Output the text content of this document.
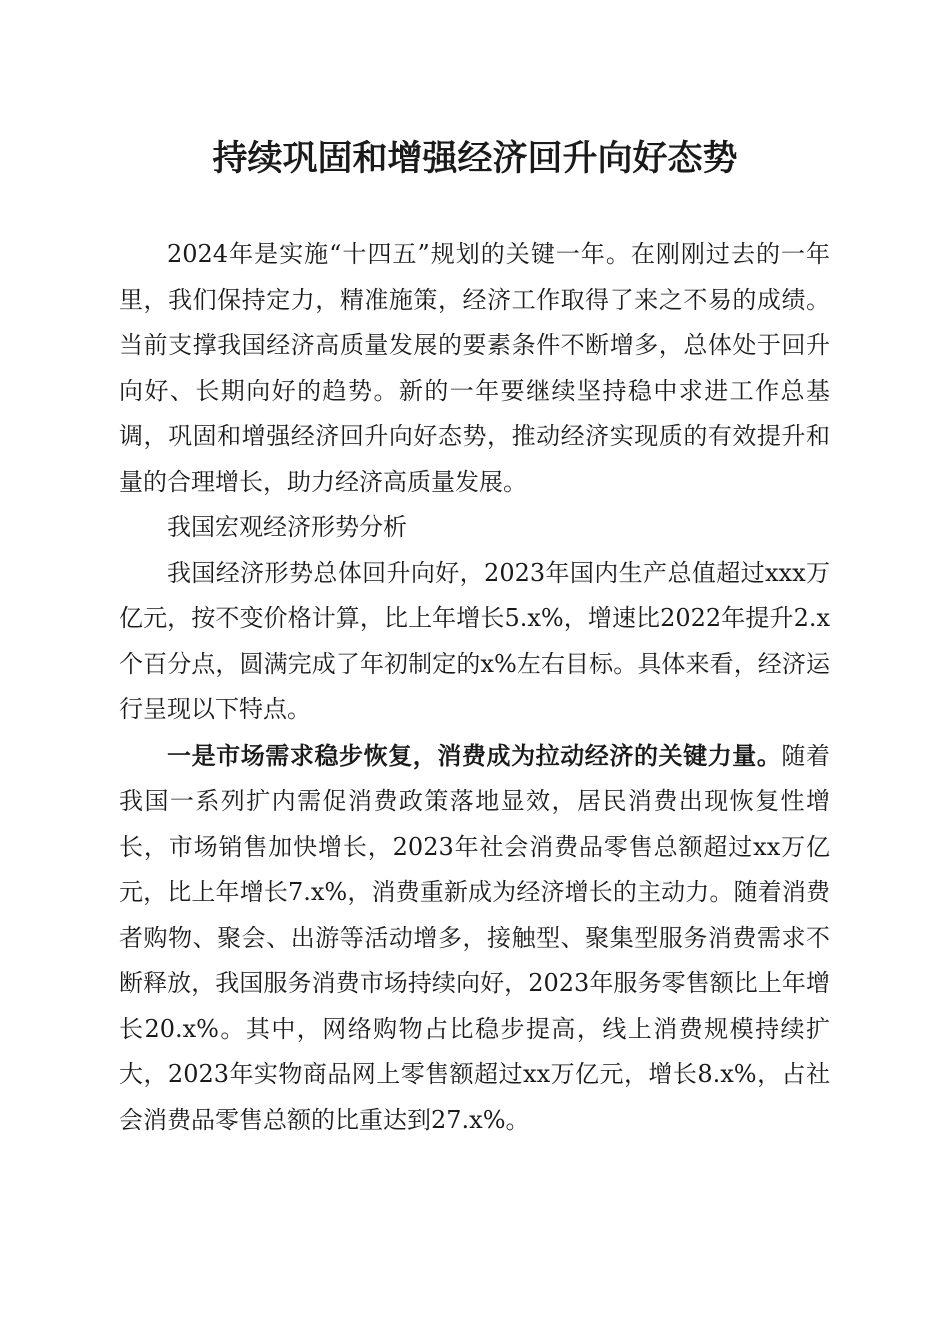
持续巩固和增强经济回升向好态势

2024年是实施“十四五”规划的关键一年。在刚刚过去的一年里，我们保持定力，精准施策，经济工作取得了来之不易的成绩。当前支撑我国经济高质量发展的要素条件不断增多，总体处于回升向好、长期向好的趋势。新的一年要继续坚持稳中求进工作总基调，巩固和增强经济回升向好态势，推动经济实现质的有效提升和量的合理增长，助力经济高质量发展。

我国宏观经济形势分析

我国经济形势总体回升向好，2023年国内生产总值超过xxx万亿元，按不变价格计算，比上年增长5.x%，增速比2022年提升2.x个百分点，圆满完成了年初制定的x%左右目标。具体来看，经济运行呈现以下特点。

一是市场需求稳步恢复，消费成为拉动经济的关键力量。随着我国一系列扩内需促消费政策落地显效，居民消费出现恢复性增长，市场销售加快增长，2023年社会消费品零售总额超过xx万亿元，比上年增长7.x%，消费重新成为经济增长的主动力。随着消费者购物、聚会、出游等活动增多，接触型、聚集型服务消费需求不断释放，我国服务消费市场持续向好，2023年服务零售额比上年增长20.x%。其中，网络购物占比稳步提高，线上消费规模持续扩大，2023年实物商品网上零售额超过xx万亿元，增长8.x%，占社会消费品零售总额的比重达到27.x%。
